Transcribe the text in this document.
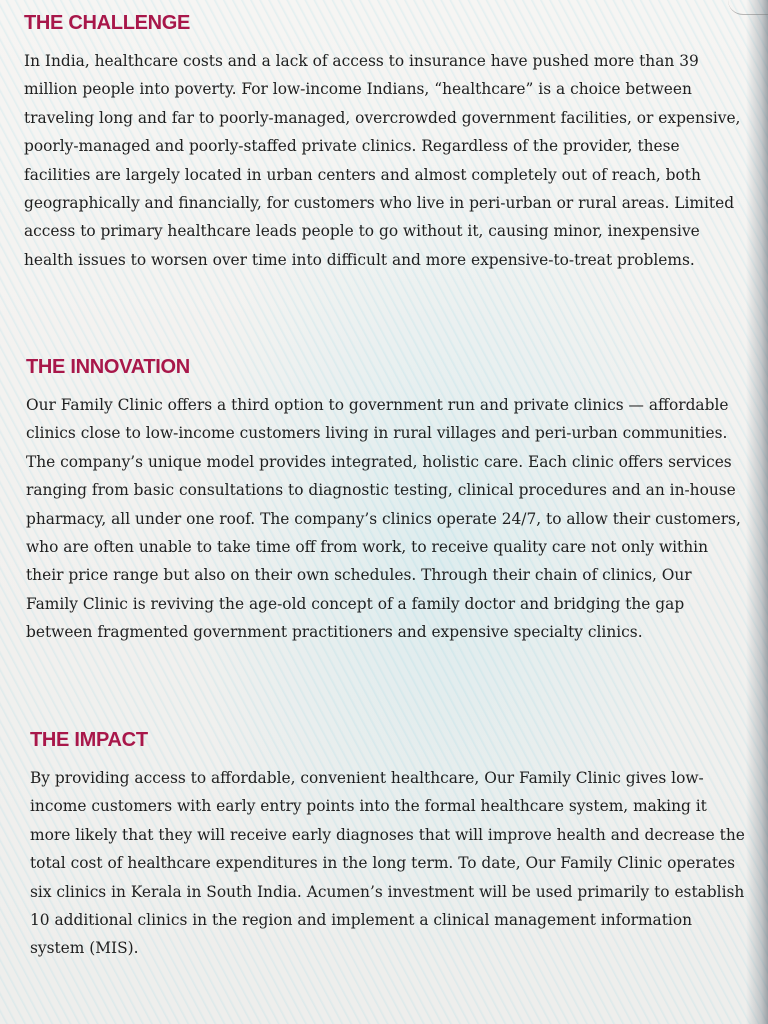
THE CHALLENGE

In India, healthcare costs and a lack of access to insurance have pushed more than 39 million people into poverty. For low-income Indians, “healthcare” is a choice between traveling long and far to poorly-managed, overcrowded government facilities, or expensive, poorly-managed and poorly-staffed private clinics. Regardless of the provider, these facilities are largely located in urban centers and almost completely out of reach, both geographically and financially, for customers who live in peri-urban or rural areas. Limited access to primary healthcare leads people to go without it, causing minor, inexpensive health issues to worsen over time into difficult and more expensive-to-treat problems.

THE INNOVATION

Our Family Clinic offers a third option to government run and private clinics — affordable clinics close to low-income customers living in rural villages and peri-urban communities. The company’s unique model provides integrated, holistic care. Each clinic offers services ranging from basic consultations to diagnostic testing, clinical procedures and an in-house pharmacy, all under one roof. The company’s clinics operate 24/7, to allow their customers, who are often unable to take time off from work, to receive quality care not only within their price range but also on their own schedules. Through their chain of clinics, Our Family Clinic is reviving the age-old concept of a family doctor and bridging the gap between fragmented government practitioners and expensive specialty clinics.

THE IMPACT

By providing access to affordable, convenient healthcare, Our Family Clinic gives low-income customers with early entry points into the formal healthcare system, making it more likely that they will receive early diagnoses that will improve health and decrease the total cost of healthcare expenditures in the long term. To date, Our Family Clinic operates six clinics in Kerala in South India. Acumen’s investment will be used primarily to establish 10 additional clinics in the region and implement a clinical management information system (MIS).
